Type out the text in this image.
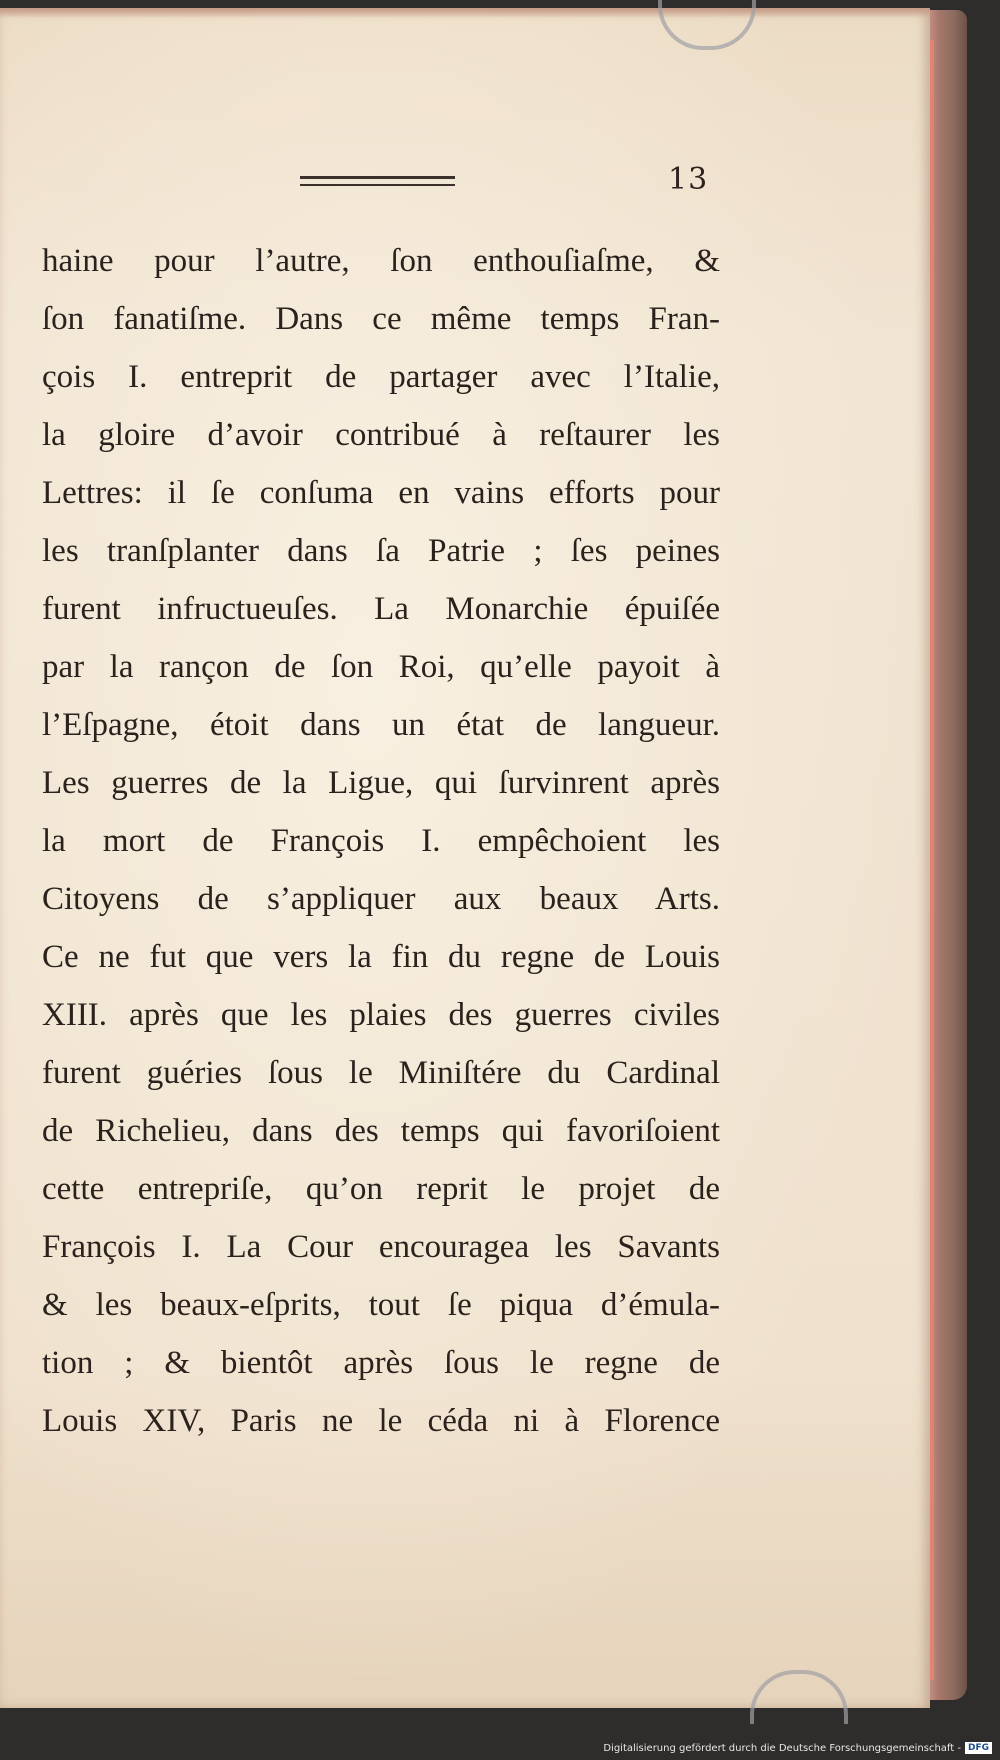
13
haine pour l’autre, ſon enthouſiaſme, &
ſon fanatiſme. Dans ce même temps Fran-
çois I. entreprit de partager avec l’Italie,
la gloire d’avoir contribué à reſtaurer les
Lettres: il ſe conſuma en vains efforts pour
les tranſplanter dans ſa Patrie ; ſes peines
furent infructueuſes. La Monarchie épuiſée
par la rançon de ſon Roi, qu’elle payoit à
l’Eſpagne, étoit dans un état de langueur.
Les guerres de la Ligue, qui ſurvinrent après
la mort de François I. empêchoient les
Citoyens de s’appliquer aux beaux Arts.
Ce ne fut que vers la fin du regne de Louis
XIII. après que les plaies des guerres civiles
furent guéries ſous le Miniſtére du Cardinal
de Richelieu, dans des temps qui favoriſoient
cette entrepriſe, qu’on reprit le projet de
François I. La Cour encouragea les Savants
& les beaux-eſprits, tout ſe piqua d’émula-
tion ; & bientôt après ſous le regne de
Louis XIV, Paris ne le céda ni à Florence
Digitalisierung gefördert durch die Deutsche Forschungsgemeinschaft - DFG
